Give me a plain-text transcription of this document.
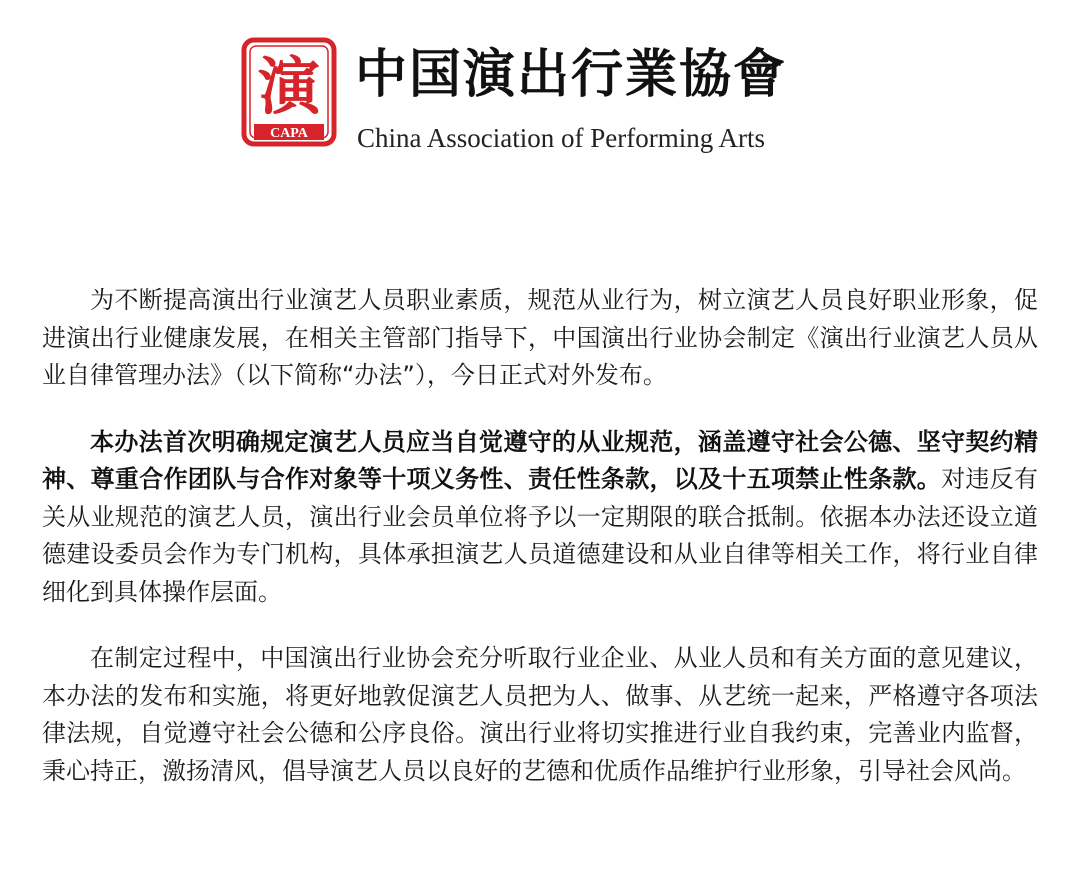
演
CAPA
中国演出行業協會
China Association of Performing Arts

为不断提高演出行业演艺人员职业素质，规范从业行为，树立演艺人员良好职业形象，促进演出行业健康发展，在相关主管部门指导下，中国演出行业协会制定《演出行业演艺人员从业自律管理办法》（以下简称“办法”），今日正式对外发布。

本办法首次明确规定演艺人员应当自觉遵守的从业规范，涵盖遵守社会公德、坚守契约精神、尊重合作团队与合作对象等十项义务性、责任性条款，以及十五项禁止性条款。对违反有关从业规范的演艺人员，演出行业会员单位将予以一定期限的联合抵制。依据本办法还设立道德建设委员会作为专门机构，具体承担演艺人员道德建设和从业自律等相关工作，将行业自律细化到具体操作层面。

在制定过程中，中国演出行业协会充分听取行业企业、从业人员和有关方面的意见建议，本办法的发布和实施，将更好地敦促演艺人员把为人、做事、从艺统一起来，严格遵守各项法律法规，自觉遵守社会公德和公序良俗。演出行业将切实推进行业自我约束，完善业内监督，秉心持正，激扬清风，倡导演艺人员以良好的艺德和优质作品维护行业形象，引导社会风尚。
